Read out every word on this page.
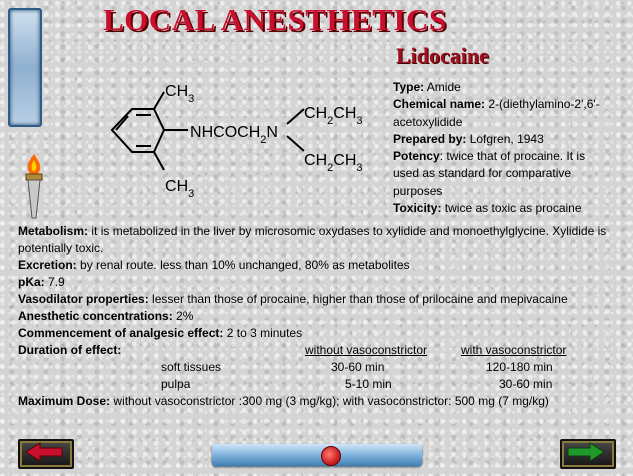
LOCAL ANESTHETICS
Lidocaine
$CH_3$
$CH_3$
$NHCOCH_2N$
$CH_2CH_3$
$CH_2CH_3$
Type: Amide
Chemical name: 2-(diethylamino-2',6'-acetoxylidide
Prepared by: Lofgren, 1943
Potency: twice that of procaine. It is used as standard for comparative purposes
Toxicity: twice as toxic as procaine
Metabolism: it is metabolized in the liver by microsomic oxydases to xylidide and monoethylglycine. Xylidide is potentially toxic.
Excretion: by renal route. less than 10% unchanged, 80% as metabolites
pKa: 7.9
Vasodilator properties: lesser than those of procaine, higher than those of prilocaine and mepivacaine
Anesthetic concentrations: 2%
Commencement of analgesic effect: 2 to 3 minutes
Duration of effect:	without vasoconstrictor	with vasoconstrictor
soft tissues	30-60 min	120-180 min
pulpa	5-10 min	30-60 min
Maximum Dose: without vasoconstrictor :300 mg (3 mg/kg); with vasoconstrictor: 500 mg (7 mg/kg)
